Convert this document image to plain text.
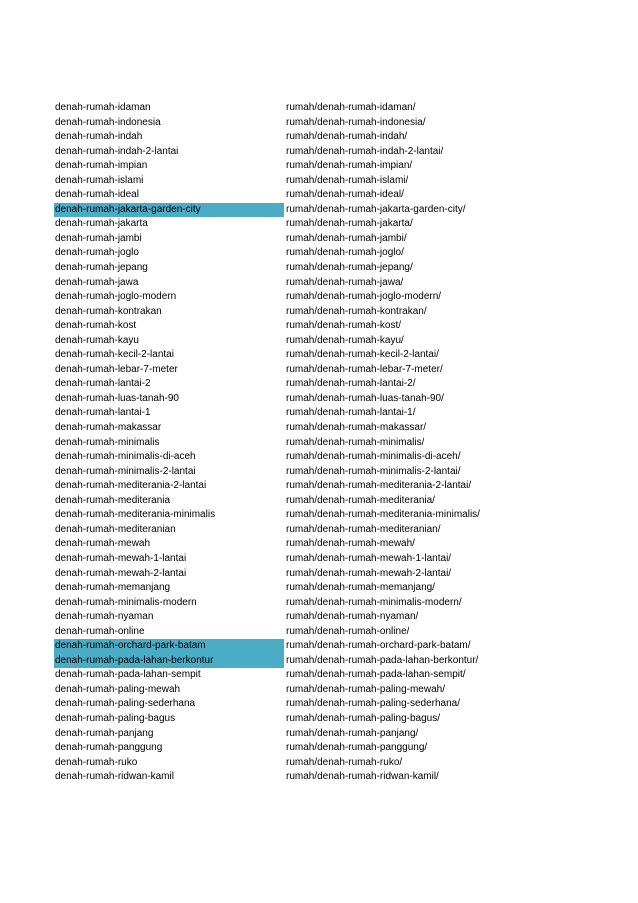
denah-rumah-idaman	rumah/denah-rumah-idaman/
denah-rumah-indonesia	rumah/denah-rumah-indonesia/
denah-rumah-indah	rumah/denah-rumah-indah/
denah-rumah-indah-2-lantai	rumah/denah-rumah-indah-2-lantai/
denah-rumah-impian	rumah/denah-rumah-impian/
denah-rumah-islami	rumah/denah-rumah-islami/
denah-rumah-ideal	rumah/denah-rumah-ideal/
denah-rumah-jakarta-garden-city	rumah/denah-rumah-jakarta-garden-city/
denah-rumah-jakarta	rumah/denah-rumah-jakarta/
denah-rumah-jambi	rumah/denah-rumah-jambi/
denah-rumah-joglo	rumah/denah-rumah-joglo/
denah-rumah-jepang	rumah/denah-rumah-jepang/
denah-rumah-jawa	rumah/denah-rumah-jawa/
denah-rumah-joglo-modern	rumah/denah-rumah-joglo-modern/
denah-rumah-kontrakan	rumah/denah-rumah-kontrakan/
denah-rumah-kost	rumah/denah-rumah-kost/
denah-rumah-kayu	rumah/denah-rumah-kayu/
denah-rumah-kecil-2-lantai	rumah/denah-rumah-kecil-2-lantai/
denah-rumah-lebar-7-meter	rumah/denah-rumah-lebar-7-meter/
denah-rumah-lantai-2	rumah/denah-rumah-lantai-2/
denah-rumah-luas-tanah-90	rumah/denah-rumah-luas-tanah-90/
denah-rumah-lantai-1	rumah/denah-rumah-lantai-1/
denah-rumah-makassar	rumah/denah-rumah-makassar/
denah-rumah-minimalis	rumah/denah-rumah-minimalis/
denah-rumah-minimalis-di-aceh	rumah/denah-rumah-minimalis-di-aceh/
denah-rumah-minimalis-2-lantai	rumah/denah-rumah-minimalis-2-lantai/
denah-rumah-mediterania-2-lantai	rumah/denah-rumah-mediterania-2-lantai/
denah-rumah-mediterania	rumah/denah-rumah-mediterania/
denah-rumah-mediterania-minimalis	rumah/denah-rumah-mediterania-minimalis/
denah-rumah-mediteranian	rumah/denah-rumah-mediteranian/
denah-rumah-mewah	rumah/denah-rumah-mewah/
denah-rumah-mewah-1-lantai	rumah/denah-rumah-mewah-1-lantai/
denah-rumah-mewah-2-lantai	rumah/denah-rumah-mewah-2-lantai/
denah-rumah-memanjang	rumah/denah-rumah-memanjang/
denah-rumah-minimalis-modern	rumah/denah-rumah-minimalis-modern/
denah-rumah-nyaman	rumah/denah-rumah-nyaman/
denah-rumah-online	rumah/denah-rumah-online/
denah-rumah-orchard-park-batam	rumah/denah-rumah-orchard-park-batam/
denah-rumah-pada-lahan-berkontur	rumah/denah-rumah-pada-lahan-berkontur/
denah-rumah-pada-lahan-sempit	rumah/denah-rumah-pada-lahan-sempit/
denah-rumah-paling-mewah	rumah/denah-rumah-paling-mewah/
denah-rumah-paling-sederhana	rumah/denah-rumah-paling-sederhana/
denah-rumah-paling-bagus	rumah/denah-rumah-paling-bagus/
denah-rumah-panjang	rumah/denah-rumah-panjang/
denah-rumah-panggung	rumah/denah-rumah-panggung/
denah-rumah-ruko	rumah/denah-rumah-ruko/
denah-rumah-ridwan-kamil	rumah/denah-rumah-ridwan-kamil/
